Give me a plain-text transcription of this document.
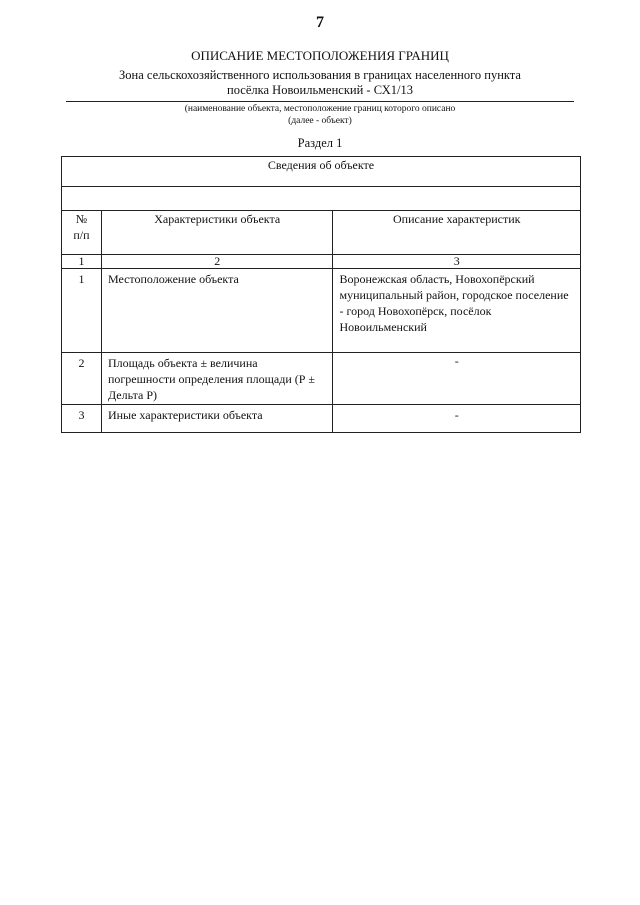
7
ОПИСАНИЕ МЕСТОПОЛОЖЕНИЯ ГРАНИЦ
Зона сельскохозяйственного использования в границах населенного пункта
посёлка Новоильменский - СХ1/13
(наименование объекта, местоположение границ которого описано
(далее - объект)
Раздел 1
Сведения об объекте		

№
п/п	Характеристики объекта	Описание характеристик
1	2	3
1	Местоположение объекта	Воронежская область, Новохопёрский муниципальный район, городское поселение - город Новохопёрск, посёлок Новоильменский
2	Площадь объекта ± величина погрешности определения площади (Р ± Дельта Р)	-
3	Иные характеристики объекта	-
